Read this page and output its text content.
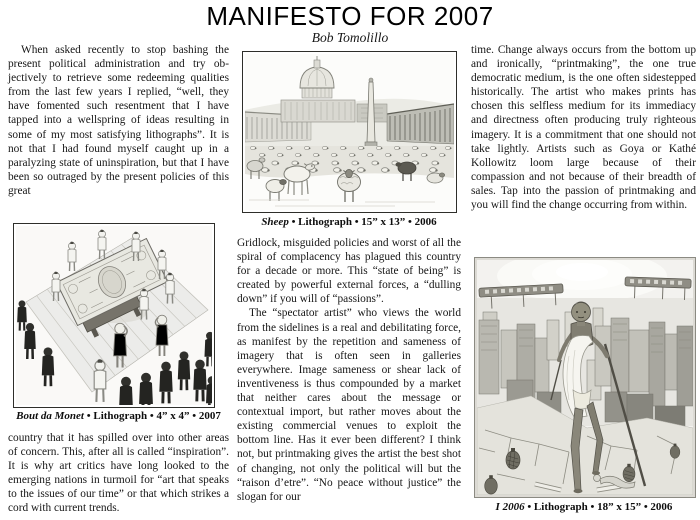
MANIFESTO FOR 2007
Bob Tomolillo

When asked recently to stop bashing the present political administration and try objectively to retrieve some redeeming qualities from the last few years I replied, “well, they have fomented such resentment that I have tapped into a wellspring of ideas resulting in some of my most satisfying lithographs”. It is not that I had found myself caught up in a paralyzing state of uninspiration, but that I have been so outraged by the present policies of this great

Bout da Monet • Lithograph • 4” x 4” • 2007

country that it has spilled over into other areas of concern. This, after all is called “inspiration”. It is why art critics have long looked to the emerging nations in turmoil for “art that speaks to the issues of our time” or that which strikes a cord with current trends.

Sheep • Lithograph • 15” x 13” • 2006

Gridlock, misguided policies and worst of all the spiral of complacency has plagued this country for a decade or more. This “state of being” is created by powerful external forces, a “dulling down” if you will of “passions”.

The “spectator artist” who views the world from the sidelines is a real and debilitating force, as manifest by the repetition and sameness of imagery that is often seen in galleries everywhere. Image sameness or shear lack of inventiveness is thus compounded by a market that neither cares about the message or contextual import, but rather moves about the existing commercial venues to exploit the bottom line. Has it ever been different? I think not, but printmaking gives the artist the best shot of changing, not only the political will but the “raison d’etre”. “No peace without justice” the slogan for our

time. Change always occurs from the bottom up and ironically, “printmaking”, the one true democratic medium, is the one often sidestepped historically. The artist who makes prints has chosen this selfless medium for its immediacy and directness often producing truly righteous imagery. It is a commitment that one should not take lightly. Artists such as Goya or Kathé Kollowitz loom large because of their compassion and not because of their breadth of sales. Tap into the passion of printmaking and you will find the change occurring from within.

I 2006 • Lithograph • 18” x 15” • 2006
